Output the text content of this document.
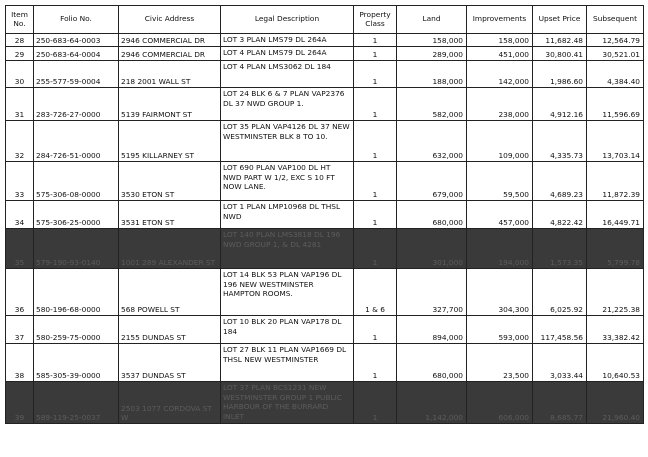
Item No.	Folio No.	Civic Address	Legal Description	Property Class	Land	Improvements	Upset Price	Subsequent
28	250-683-64-0003	2946 COMMERCIAL DR	LOT 3 PLAN LMS79 DL 264A	1	158,000	158,000	11,682.48	12,564.79
29	250-683-64-0004	2946 COMMERCIAL DR	LOT 4 PLAN LMS79 DL 264A	1	289,000	451,000	30,800.41	30,521.01
30	255-577-59-0004	218 2001 WALL ST	LOT 4 PLAN LMS3062 DL 184	1	188,000	142,000	1,986.60	4,384.40
31	283-726-27-0000	5139 FAIRMONT ST	LOT 24 BLK 6 & 7 PLAN VAP2376 DL 37 NWD GROUP 1.	1	582,000	238,000	4,912.16	11,596.69
32	284-726-51-0000	5195 KILLARNEY ST	LOT 35 PLAN VAP4126 DL 37 NEW WESTMINSTER BLK 8 TO 10.	1	632,000	109,000	4,335.73	13,703.14
33	575-306-08-0000	3530 ETON ST	LOT 690 PLAN VAP100 DL HT NWD PART W 1/2, EXC S 10 FT NOW LANE.	1	679,000	59,500	4,689.23	11,872.39
34	575-306-25-0000	3531 ETON ST	LOT 1 PLAN LMP10968 DL THSL NWD	1	680,000	457,000	4,822.42	16,449.71
35	579-190-93-0140	1001 289 ALEXANDER ST	LOT 140 PLAN LMS3818 DL 196 NWD GROUP 1, & DL 4281	1	301,000	194,000	1,573.35	5,799.78
36	580-196-68-0000	568 POWELL ST	LOT 14 BLK 53 PLAN VAP196 DL 196 NEW WESTMINSTER HAMPTON ROOMS.	1 & 6	327,700	304,300	6,025.92	21,225.38
37	580-259-75-0000	2155 DUNDAS ST	LOT 10 BLK 20 PLAN VAP178 DL 184	1	894,000	593,000	117,458.56	33,382.42
38	585-305-39-0000	3537 DUNDAS ST	LOT 27 BLK 11 PLAN VAP1669 DL THSL NEW WESTMINSTER	1	680,000	23,500	3,033.44	10,640.53
39	589-119-25-0037	2503 1077 CORDOVA ST W	LOT 37 PLAN BCS1231 NEW WESTMINSTER GROUP 1 PUBLIC HARBOUR OF THE BURRARD INLET	1	1,142,000	606,000	8,685.77	21,960.40
